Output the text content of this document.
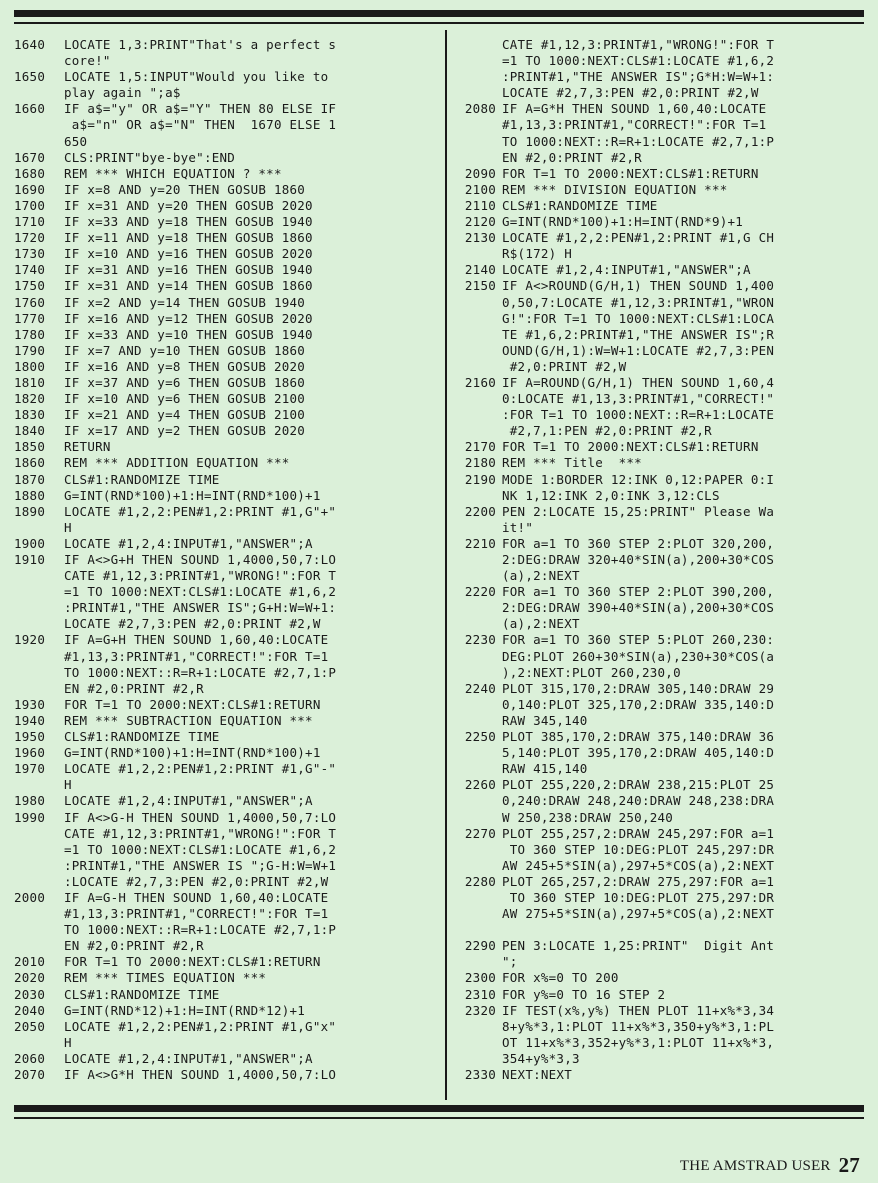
1640 LOCATE 1,3:PRINT"That's a perfect s
core!"
1650 LOCATE 1,5:INPUT"Would you like to
play again ";a$
1660 IF a$="y" OR a$="Y" THEN 80 ELSE IF
a$="n" OR a$="N" THEN  1670 ELSE 1
650
1670 CLS:PRINT"bye-bye":END
1680 REM *** WHICH EQUATION ? ***
1690 IF x=8 AND y=20 THEN GOSUB 1860
1700 IF x=31 AND y=20 THEN GOSUB 2020
1710 IF x=33 AND y=18 THEN GOSUB 1940
1720 IF x=11 AND y=18 THEN GOSUB 1860
1730 IF x=10 AND y=16 THEN GOSUB 2020
1740 IF x=31 AND y=16 THEN GOSUB 1940
1750 IF x=31 AND y=14 THEN GOSUB 1860
1760 IF x=2 AND y=14 THEN GOSUB 1940
1770 IF x=16 AND y=12 THEN GOSUB 2020
1780 IF x=33 AND y=10 THEN GOSUB 1940
1790 IF x=7 AND y=10 THEN GOSUB 1860
1800 IF x=16 AND y=8 THEN GOSUB 2020
1810 IF x=37 AND y=6 THEN GOSUB 1860
1820 IF x=10 AND y=6 THEN GOSUB 2100
1830 IF x=21 AND y=4 THEN GOSUB 2100
1840 IF x=17 AND y=2 THEN GOSUB 2020
1850 RETURN
1860 REM *** ADDITION EQUATION ***
1870 CLS#1:RANDOMIZE TIME
1880 G=INT(RND*100)+1:H=INT(RND*100)+1
1890 LOCATE #1,2,2:PEN#1,2:PRINT #1,G"+"
H
1900 LOCATE #1,2,4:INPUT#1,"ANSWER";A
1910 IF A<>G+H THEN SOUND 1,4000,50,7:LO
CATE #1,12,3:PRINT#1,"WRONG!":FOR T
=1 TO 1000:NEXT:CLS#1:LOCATE #1,6,2
:PRINT#1,"THE ANSWER IS";G+H:W=W+1:
LOCATE #2,7,3:PEN #2,0:PRINT #2,W
1920 IF A=G+H THEN SOUND 1,60,40:LOCATE
#1,13,3:PRINT#1,"CORRECT!":FOR T=1
TO 1000:NEXT::R=R+1:LOCATE #2,7,1:P
EN #2,0:PRINT #2,R
1930 FOR T=1 TO 2000:NEXT:CLS#1:RETURN
1940 REM *** SUBTRACTION EQUATION ***
1950 CLS#1:RANDOMIZE TIME
1960 G=INT(RND*100)+1:H=INT(RND*100)+1
1970 LOCATE #1,2,2:PEN#1,2:PRINT #1,G"-"
H
1980 LOCATE #1,2,4:INPUT#1,"ANSWER";A
1990 IF A<>G-H THEN SOUND 1,4000,50,7:LO
CATE #1,12,3:PRINT#1,"WRONG!":FOR T
=1 TO 1000:NEXT:CLS#1:LOCATE #1,6,2
:PRINT#1,"THE ANSWER IS ";G-H:W=W+1
:LOCATE #2,7,3:PEN #2,0:PRINT #2,W
2000 IF A=G-H THEN SOUND 1,60,40:LOCATE
#1,13,3:PRINT#1,"CORRECT!":FOR T=1
TO 1000:NEXT::R=R+1:LOCATE #2,7,1:P
EN #2,0:PRINT #2,R
2010 FOR T=1 TO 2000:NEXT:CLS#1:RETURN
2020 REM *** TIMES EQUATION ***
2030 CLS#1:RANDOMIZE TIME
2040 G=INT(RND*12)+1:H=INT(RND*12)+1
2050 LOCATE #1,2,2:PEN#1,2:PRINT #1,G"x"
H
2060 LOCATE #1,2,4:INPUT#1,"ANSWER";A
2070 IF A<>G*H THEN SOUND 1,4000,50,7:LO
CATE #1,12,3:PRINT#1,"WRONG!":FOR T
=1 TO 1000:NEXT:CLS#1:LOCATE #1,6,2
:PRINT#1,"THE ANSWER IS";G*H:W=W+1:
LOCATE #2,7,3:PEN #2,0:PRINT #2,W
2080 IF A=G*H THEN SOUND 1,60,40:LOCATE
#1,13,3:PRINT#1,"CORRECT!":FOR T=1
TO 1000:NEXT::R=R+1:LOCATE #2,7,1:P
EN #2,0:PRINT #2,R
2090 FOR T=1 TO 2000:NEXT:CLS#1:RETURN
2100 REM *** DIVISION EQUATION ***
2110 CLS#1:RANDOMIZE TIME
2120 G=INT(RND*100)+1:H=INT(RND*9)+1
2130 LOCATE #1,2,2:PEN#1,2:PRINT #1,G CH
R$(172) H
2140 LOCATE #1,2,4:INPUT#1,"ANSWER";A
2150 IF A<>ROUND(G/H,1) THEN SOUND 1,400
0,50,7:LOCATE #1,12,3:PRINT#1,"WRON
G!":FOR T=1 TO 1000:NEXT:CLS#1:LOCA
TE #1,6,2:PRINT#1,"THE ANSWER IS";R
OUND(G/H,1):W=W+1:LOCATE #2,7,3:PEN
#2,0:PRINT #2,W
2160 IF A=ROUND(G/H,1) THEN SOUND 1,60,4
0:LOCATE #1,13,3:PRINT#1,"CORRECT!"
:FOR T=1 TO 1000:NEXT::R=R+1:LOCATE
#2,7,1:PEN #2,0:PRINT #2,R
2170 FOR T=1 TO 2000:NEXT:CLS#1:RETURN
2180 REM *** Title  ***
2190 MODE 1:BORDER 12:INK 0,12:PAPER 0:I
NK 1,12:INK 2,0:INK 3,12:CLS
2200 PEN 2:LOCATE 15,25:PRINT" Please Wa
it!"
2210 FOR a=1 TO 360 STEP 2:PLOT 320,200,
2:DEG:DRAW 320+40*SIN(a),200+30*COS
(a),2:NEXT
2220 FOR a=1 TO 360 STEP 2:PLOT 390,200,
2:DEG:DRAW 390+40*SIN(a),200+30*COS
(a),2:NEXT
2230 FOR a=1 TO 360 STEP 5:PLOT 260,230:
DEG:PLOT 260+30*SIN(a),230+30*COS(a
),2:NEXT:PLOT 260,230,0
2240 PLOT 315,170,2:DRAW 305,140:DRAW 29
0,140:PLOT 325,170,2:DRAW 335,140:D
RAW 345,140
2250 PLOT 385,170,2:DRAW 375,140:DRAW 36
5,140:PLOT 395,170,2:DRAW 405,140:D
RAW 415,140
2260 PLOT 255,220,2:DRAW 238,215:PLOT 25
0,240:DRAW 248,240:DRAW 248,238:DRA
W 250,238:DRAW 250,240
2270 PLOT 255,257,2:DRAW 245,297:FOR a=1
TO 360 STEP 10:DEG:PLOT 245,297:DR
AW 245+5*SIN(a),297+5*COS(a),2:NEXT
2280 PLOT 265,257,2:DRAW 275,297:FOR a=1
TO 360 STEP 10:DEG:PLOT 275,297:DR
AW 275+5*SIN(a),297+5*COS(a),2:NEXT
2290 PEN 3:LOCATE 1,25:PRINT"  Digit Ant
";
2300 FOR x%=0 TO 200
2310 FOR y%=0 TO 16 STEP 2
2320 IF TEST(x%,y%) THEN PLOT 11+x%*3,34
8+y%*3,1:PLOT 11+x%*3,350+y%*3,1:PL
OT 11+x%*3,352+y%*3,1:PLOT 11+x%*3,
354+y%*3,3
2330 NEXT:NEXT
THE AMSTRAD USER 27
